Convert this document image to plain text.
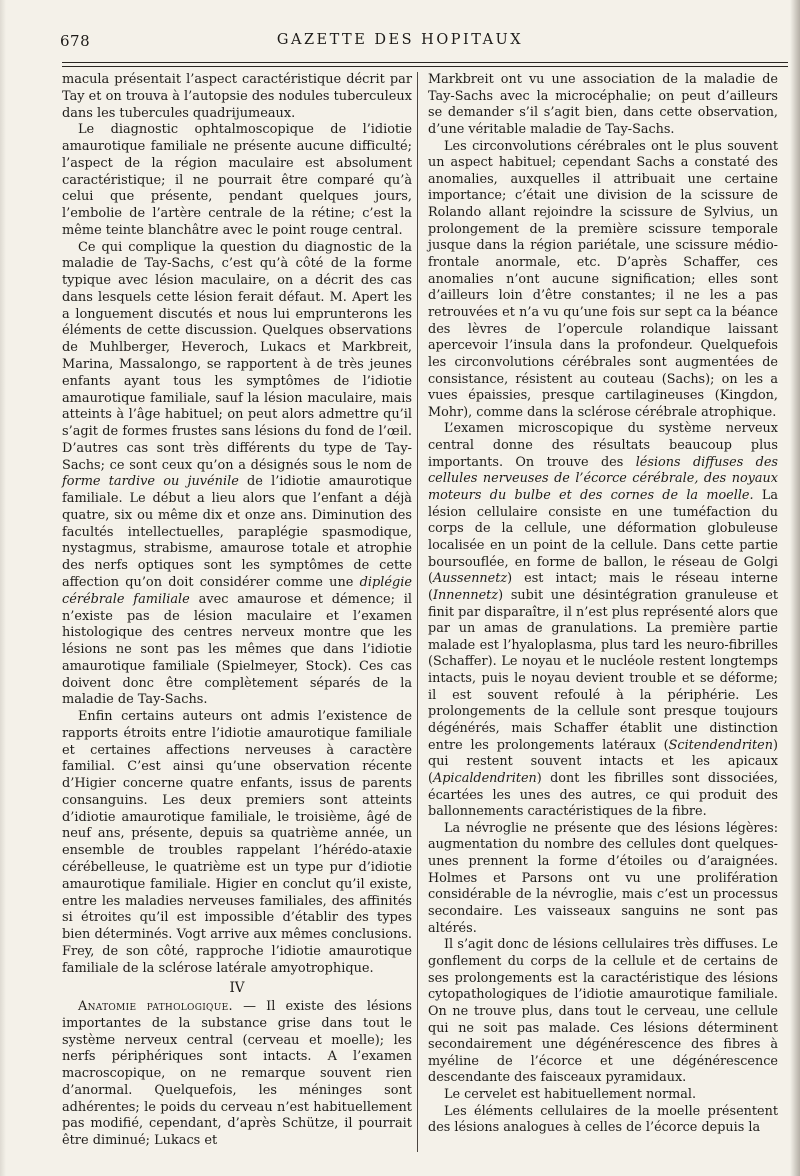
678	GAZETTE DES HOPITAUX

macula présentait l’aspect caractéristique décrit par Tay et on trouva à l’autopsie des nodules tuberculeux dans les tubercules quadrijumeaux.

Le diagnostic ophtalmoscopique de l’idiotie amaurotique familiale ne présente aucune difficulté; l’aspect de la région maculaire est absolument caractéristique; il ne pourrait être comparé qu’à celui que présente, pendant quelques jours, l’embolie de l’artère centrale de la rétine; c’est la même teinte blanchâtre avec le point rouge central.

Ce qui complique la question du diagnostic de la maladie de Tay-Sachs, c’est qu’à côté de la forme typique avec lésion maculaire, on a décrit des cas dans lesquels cette lésion ferait défaut. M. Apert les a longuement discutés et nous lui emprunterons les éléments de cette discussion. Quelques observations de Muhlberger, Heveroch, Lukacs et Markbreit, Marina, Massalongo, se rapportent à de très jeunes enfants ayant tous les symptômes de l’idiotie amaurotique familiale, sauf la lésion maculaire, mais atteints à l’âge habituel; on peut alors admettre qu’il s’agit de formes frustes sans lésions du fond de l’œil. D’autres cas sont très différents du type de Tay-Sachs; ce sont ceux qu’on a désignés sous le nom de forme tardive ou juvénile de l’idiotie amaurotique familiale. Le début a lieu alors que l’enfant a déjà quatre, six ou même dix et onze ans. Diminution des facultés intellectuelles, paraplégie spasmodique, nystagmus, strabisme, amaurose totale et atrophie des nerfs optiques sont les symptômes de cette affection qu’on doit considérer comme une diplégie cérébrale familiale avec amaurose et démence; il n’existe pas de lésion maculaire et l’examen histologique des centres nerveux montre que les lésions ne sont pas les mêmes que dans l’idiotie amaurotique familiale (Spielmeyer, Stock). Ces cas doivent donc être complètement séparés de la maladie de Tay-Sachs.

Enfin certains auteurs ont admis l’existence de rapports étroits entre l’idiotie amaurotique familiale et certaines affections nerveuses à caractère familial. C’est ainsi qu’une observation récente d’Higier concerne quatre enfants, issus de parents consanguins. Les deux premiers sont atteints d’idiotie amaurotique familiale, le troisième, âgé de neuf ans, présente, depuis sa quatrième année, un ensemble de troubles rappelant l’hérédo-ataxie cérébelleuse, le quatrième est un type pur d’idiotie amaurotique familiale. Higier en conclut qu’il existe, entre les maladies nerveuses familiales, des affinités si étroites qu’il est impossible d’établir des types bien déterminés. Vogt arrive aux mêmes conclusions. Frey, de son côté, rapproche l’idiotie amaurotique familiale de la sclérose latérale amyotrophique.

IV

Anatomie pathologique. — Il existe des lésions importantes de la substance grise dans tout le système nerveux central (cerveau et moelle); les nerfs périphériques sont intacts. A l’examen macroscopique, on ne remarque souvent rien d’anormal. Quelquefois, les méninges sont adhérentes; le poids du cerveau n’est habituellement pas modifié, cependant, d’après Schütze, il pourrait être diminué; Lukacs et

Markbreit ont vu une association de la maladie de Tay-Sachs avec la microcéphalie; on peut d’ailleurs se demander s’il s’agit bien, dans cette observation, d’une véritable maladie de Tay-Sachs.

Les circonvolutions cérébrales ont le plus souvent un aspect habituel; cependant Sachs a constaté des anomalies, auxquelles il attribuait une certaine importance; c’était une division de la scissure de Rolando allant rejoindre la scissure de Sylvius, un prolongement de la première scissure temporale jusque dans la région pariétale, une scissure médio-frontale anormale, etc. D’après Schaffer, ces anomalies n’ont aucune signification; elles sont d’ailleurs loin d’être constantes; il ne les a pas retrouvées et n’a vu qu’une fois sur sept ca la béance des lèvres de l’opercule rolandique laissant apercevoir l’insula dans la profondeur. Quelquefois les circonvolutions cérébrales sont augmentées de consistance, résistent au couteau (Sachs); on les a vues épaissies, presque cartilagineuses (Kingdon, Mohr), comme dans la sclérose cérébrale atrophique.

L’examen microscopique du système nerveux central donne des résultats beaucoup plus importants. On trouve des lésions diffuses des cellules nerveuses de l’écorce cérébrale, des noyaux moteurs du bulbe et des cornes de la moelle. La lésion cellulaire consiste en une tuméfaction du corps de la cellule, une déformation globuleuse localisée en un point de la cellule. Dans cette partie boursouflée, en forme de ballon, le réseau de Golgi (Aussennetz) est intact; mais le réseau interne (Innennetz) subit une désintégration granuleuse et finit par disparaître, il n’est plus représenté alors que par un amas de granulations. La première partie malade est l’hyaloplasma, plus tard les neuro-fibrilles (Schaffer). Le noyau et le nucléole restent longtemps intacts, puis le noyau devient trouble et se déforme; il est souvent refoulé à la périphérie. Les prolongements de la cellule sont presque toujours dégénérés, mais Schaffer établit une distinction entre les prolongements latéraux (Scitendendriten) qui restent souvent intacts et les apicaux (Apicaldendriten) dont les fibrilles sont dissociées, écartées les unes des autres, ce qui produit des ballonnements caractéristiques de la fibre.

La névroglie ne présente que des lésions légères: augmentation du nombre des cellules dont quelques-unes prennent la forme d’étoiles ou d’araignées. Holmes et Parsons ont vu une prolifération considérable de la névroglie, mais c’est un processus secondaire. Les vaisseaux sanguins ne sont pas altérés.

Il s’agit donc de lésions cellulaires très diffuses. Le gonflement du corps de la cellule et de certains de ses prolongements est la caractéristique des lésions cytopathologiques de l’idiotie amaurotique familiale. On ne trouve plus, dans tout le cerveau, une cellule qui ne soit pas malade. Ces lésions déterminent secondairement une dégénérescence des fibres à myéline de l’écorce et une dégénérescence descendante des faisceaux pyramidaux.

Le cervelet est habituellement normal.

Les éléments cellulaires de la moelle présentent des lésions analogues à celles de l’écorce depuis la
